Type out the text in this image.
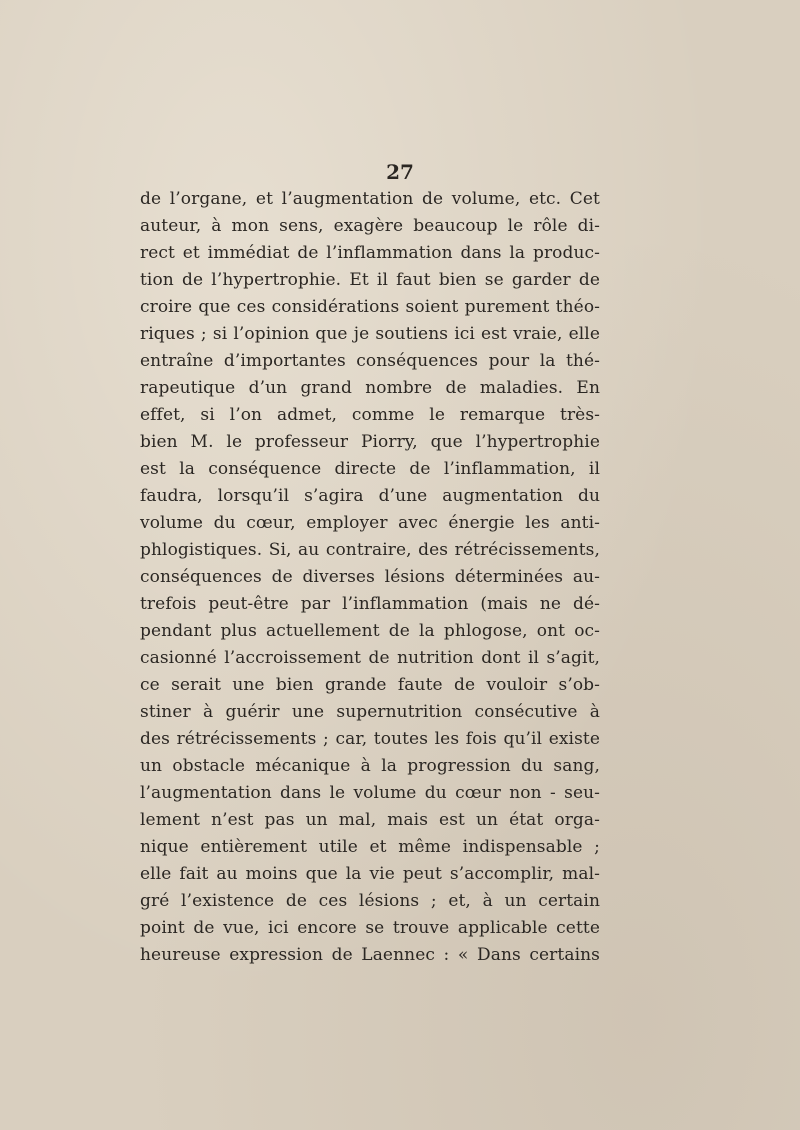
27
de l’organe, et l’augmentation de volume, etc. Cet
auteur, à mon sens, exagère beaucoup le rôle di-
rect et immédiat de l’inflammation dans la produc-
tion de l’hypertrophie. Et il faut bien se garder de
croire que ces considérations soient purement théo-
riques ; si l’opinion que je soutiens ici est vraie, elle
entraîne d’importantes conséquences pour la thé-
rapeutique d’un grand nombre de maladies. En
effet, si l’on admet, comme le remarque très-
bien M. le professeur Piorry, que l’hypertrophie
est la conséquence directe de l’inflammation, il
faudra, lorsqu’il s’agira d’une augmentation du
volume du cœur, employer avec énergie les anti-
phlogistiques. Si, au contraire, des rétrécissements,
conséquences de diverses lésions déterminées au-
trefois peut-être par l’inflammation (mais ne dé-
pendant plus actuellement de la phlogose, ont oc-
casionné l’accroissement de nutrition dont il s’agit,
ce serait une bien grande faute de vouloir s’ob-
stiner à guérir une supernutrition consécutive à
des rétrécissements ; car, toutes les fois qu’il existe
un obstacle mécanique à la progression du sang,
l’augmentation dans le volume du cœur non - seu-
lement n’est pas un mal, mais est un état orga-
nique entièrement utile et même indispensable ;
elle fait au moins que la vie peut s’accomplir, mal-
gré l’existence de ces lésions ; et, à un certain
point de vue, ici encore se trouve applicable cette
heureuse expression de Laennec : « Dans certains
